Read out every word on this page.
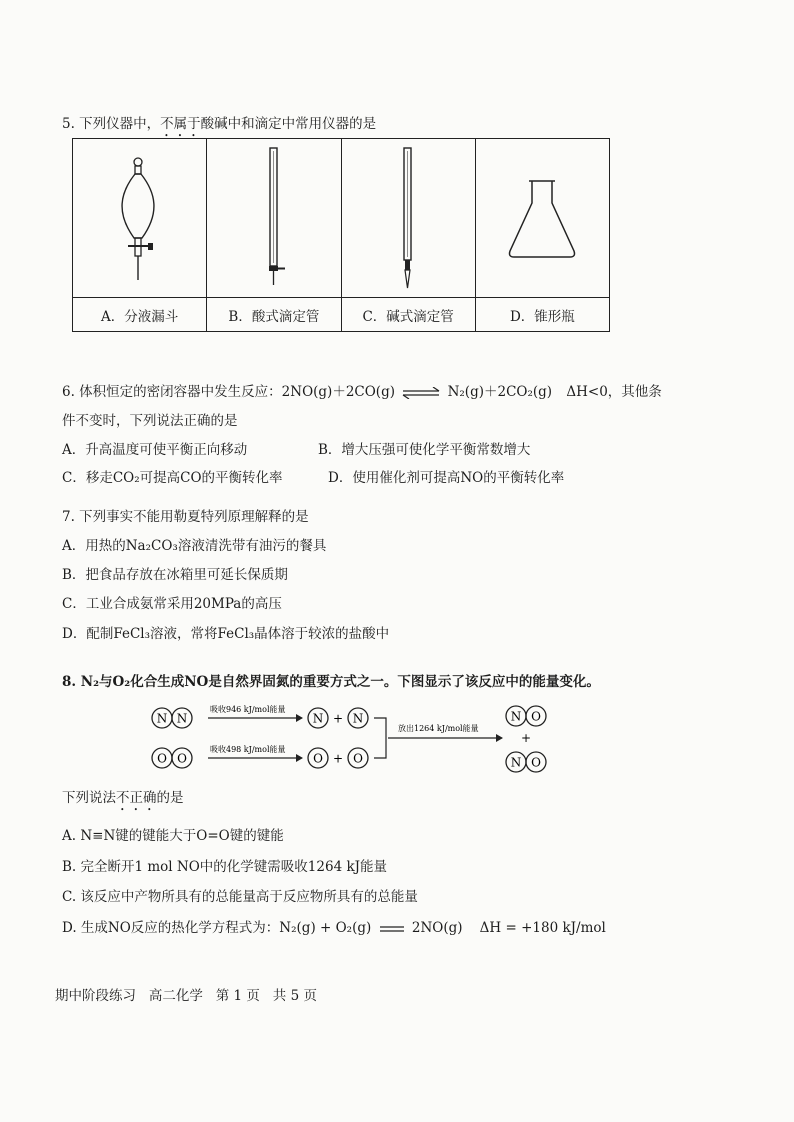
5. 下列仪器中，不属于酸碱中和滴定中常用仪器的是

A．分液漏斗	B．酸式滴定管	C．碱式滴定管	D．锥形瓶
6. 体积恒定的密闭容器中发生反应：2NO(g)＋2CO(g) ⇌ N₂(g)＋2CO₂(g) ΔH<0，其他条
件不变时，下列说法正确的是
A．升高温度可使平衡正向移动	B．增大压强可使化学平衡常数增大
C．移走CO₂可提高CO的平衡转化率	D．使用催化剂可提高NO的平衡转化率
7. 下列事实不能用勒夏特列原理解释的是
A．用热的Na₂CO₃溶液清洗带有油污的餐具
B．把食品存放在冰箱里可延长保质期
C．工业合成氨常采用20MPa的高压
D．配制FeCl₃溶液，常将FeCl₃晶体溶于较浓的盐酸中
8. N₂与O₂化合生成NO是自然界固氮的重要方式之一。下图显示了该反应中的能量变化。
N N
吸收946 kJ/mol能量
N + N
O O
吸收498 kJ/mol能量
O + O
放出1264 kJ/mol能量
N O
+
N O
下列说法不正确的是
A. N≡N键的键能大于O=O键的键能
B. 完全断开1 mol NO中的化学键需吸收1264 kJ能量
C. 该反应中产物所具有的总能量高于反应物所具有的总能量
D. 生成NO反应的热化学方程式为：N₂(g) + O₂(g)	2NO(g)    ΔH = +180 kJ/mol
期中阶段练习   高二化学   第 1 页   共 5 页
